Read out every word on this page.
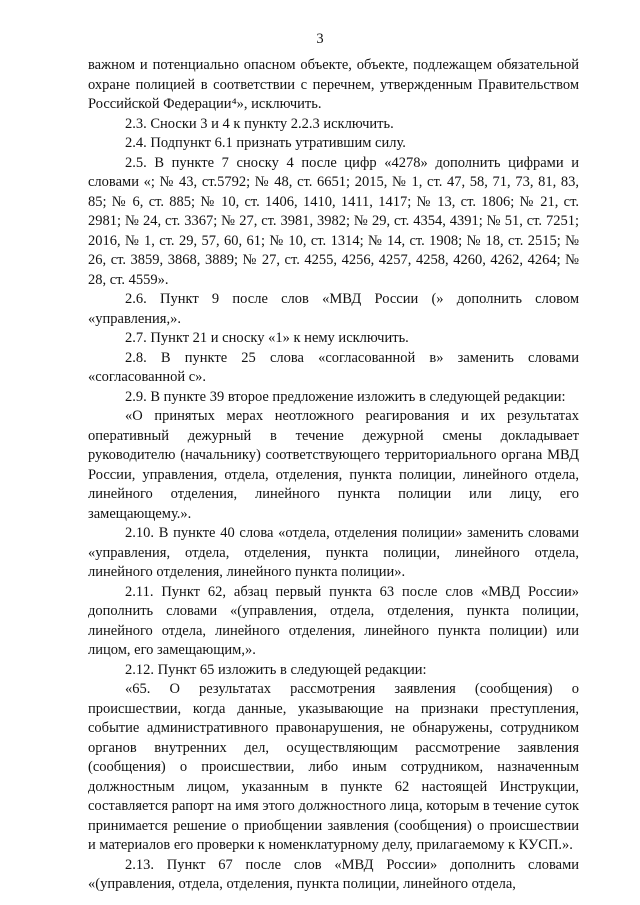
3

важном и потенциально опасном объекте, объекте, подлежащем обязательной охране полицией в соответствии с перечнем, утвержденным Правительством Российской Федерации⁴», исключить.

2.3. Сноски 3 и 4 к пункту 2.2.3 исключить.

2.4. Подпункт 6.1 признать утратившим силу.

2.5. В пункте 7 сноску 4 после цифр «4278» дополнить цифрами и словами «; № 43, ст.5792; № 48, ст. 6651; 2015, № 1, ст. 47, 58, 71, 73, 81, 83, 85; № 6, ст. 885; № 10, ст. 1406, 1410, 1411, 1417; № 13, ст. 1806; № 21, ст. 2981; № 24, ст. 3367; № 27, ст. 3981, 3982; № 29, ст. 4354, 4391; № 51, ст. 7251; 2016, № 1, ст. 29, 57, 60, 61; № 10, ст. 1314; № 14, ст. 1908; № 18, ст. 2515; № 26, ст. 3859, 3868, 3889; № 27, ст. 4255, 4256, 4257, 4258, 4260, 4262, 4264; № 28, ст. 4559».

2.6. Пункт 9 после слов «МВД России (» дополнить словом «управления,».

2.7. Пункт 21 и сноску «1» к нему исключить.

2.8. В пункте 25 слова «согласованной в» заменить словами «согласованной с».

2.9. В пункте 39 второе предложение изложить в следующей редакции:

«О принятых мерах неотложного реагирования и их результатах оперативный дежурный в течение дежурной смены докладывает руководителю (начальнику) соответствующего территориального органа МВД России, управления, отдела, отделения, пункта полиции, линейного отдела, линейного отделения, линейного пункта полиции или лицу, его замещающему.».

2.10. В пункте 40 слова «отдела, отделения полиции» заменить словами «управления, отдела, отделения, пункта полиции, линейного отдела, линейного отделения, линейного пункта полиции».

2.11. Пункт 62, абзац первый пункта 63 после слов «МВД России» дополнить словами «(управления, отдела, отделения, пункта полиции, линейного отдела, линейного отделения, линейного пункта полиции) или лицом, его замещающим,».

2.12. Пункт 65 изложить в следующей редакции:

«65. О результатах рассмотрения заявления (сообщения) о происшествии, когда данные, указывающие на признаки преступления, событие административного правонарушения, не обнаружены, сотрудником органов внутренних дел, осуществляющим рассмотрение заявления (сообщения) о происшествии, либо иным сотрудником, назначенным должностным лицом, указанным в пункте 62 настоящей Инструкции, составляется рапорт на имя этого должностного лица, которым в течение суток принимается решение о приобщении заявления (сообщения) о происшествии и материалов его проверки к номенклатурному делу, прилагаемому к КУСП.».

2.13. Пункт 67 после слов «МВД России» дополнить словами «(управления, отдела, отделения, пункта полиции, линейного отдела,
